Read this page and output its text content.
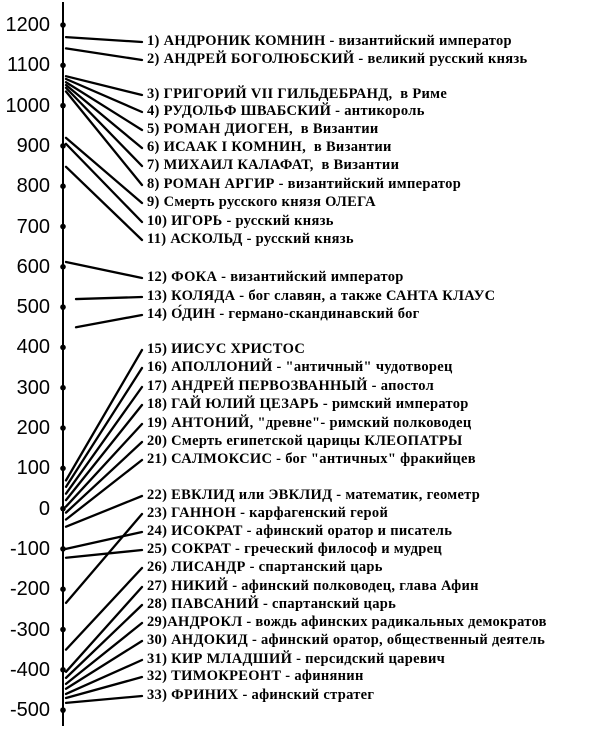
1200
1100
1000
900
800
700
600
500
400
300
200
100
0
-100
-200
-300
-400
-500
1) АНДРОНИК КОМНИН - византийский император
2) АНДРЕЙ БОГОЛЮБСКИЙ - великий русский князь
3) ГРИГОРИЙ VII ГИЛЬДЕБРАНД,  в Риме
4) РУДОЛЬФ ШВАБСКИЙ - антикороль
5) РОМАН ДИОГЕН,  в Византии
6) ИСААК I КОМНИН,  в Византии
7) МИХАИЛ КАЛАФАТ,  в Византии
8) РОМАН АРГИР - византийский император
9) Смерть русского князя ОЛЕГА
10) ИГОРЬ - русский князь
11) АСКОЛЬД - русский князь
12) ФОКА - византийский император
13) КОЛЯДА - бог славян, а также САНТА КЛАУС
14) О́ДИН - германо-скандинавский бог
15) ИИСУС ХРИСТОС
16) АПОЛЛОНИЙ - "античный" чудотворец
17) АНДРЕЙ ПЕРВОЗВАННЫЙ - апостол
18) ГАЙ ЮЛИЙ ЦЕЗАРЬ - римский император
19) АНТОНИЙ, "древне"- римский полководец
20) Смерть египетской царицы КЛЕОПАТРЫ
21) САЛМОКСИС - бог "античных" фракийцев
22) ЕВКЛИД или ЭВКЛИД - математик, геометр
23) ГАННОН - карфагенский герой
24) ИСОКРАТ - афинский оратор и писатель
25) СОКРАТ - греческий философ и мудрец
26) ЛИСАНДР - спартанский царь
27) НИКИЙ - афинский полководец, глава Афин
28) ПАВСАНИЙ - спартанский царь
29)АНДРОКЛ - вождь афинских радикальных демократов
30) АНДОКИД - афинский оратор, общественный деятель
31) КИР МЛАДШИЙ - персидский царевич
32) ТИМОКРЕОНТ - афинянин
33) ФРИНИХ - афинский стратег
